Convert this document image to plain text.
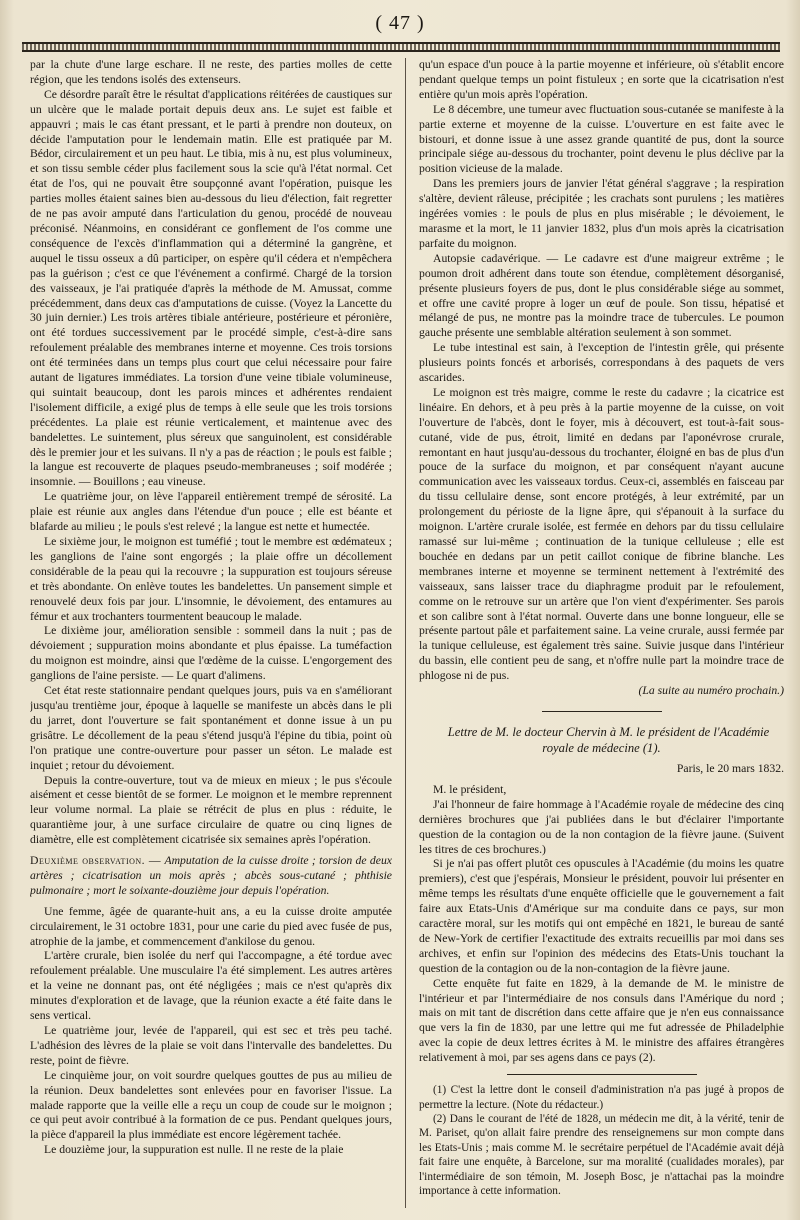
( 47 )

par la chute d'une large eschare. Il ne reste, des parties molles de cette région, que les tendons isolés des extenseurs.

Ce désordre paraît être le résultat d'applications réitérées de caustiques sur un ulcère que le malade portait depuis deux ans. Le sujet est faible et appauvri ; mais le cas étant pressant, et le parti à prendre non douteux, on décide l'amputation pour le lendemain matin. Elle est pratiquée par M. Bédor, circulairement et un peu haut. Le tibia, mis à nu, est plus volumineux, et son tissu semble céder plus facilement sous la scie qu'à l'état normal. Cet état de l'os, qui ne pouvait être soupçonné avant l'opération, puisque les parties molles étaient saines bien au-dessous du lieu d'élection, fait regretter de ne pas avoir amputé dans l'articulation du genou, procédé de nouveau préconisé. Néanmoins, en considérant ce gonflement de l'os comme une conséquence de l'excès d'inflammation qui a déterminé la gangrène, et auquel le tissu osseux a dû participer, on espère qu'il cédera et n'empêchera pas la guérison ; c'est ce que l'événement a confirmé. Chargé de la torsion des vaisseaux, je l'ai pratiquée d'après la méthode de M. Amussat, comme précédemment, dans deux cas d'amputations de cuisse. (Voyez la Lancette du 30 juin dernier.) Les trois artères tibiale antérieure, postérieure et péronière, ont été tordues successivement par le procédé simple, c'est-à-dire sans refoulement préalable des membranes interne et moyenne. Ces trois torsions ont été terminées dans un temps plus court que celui nécessaire pour faire autant de ligatures immédiates. La torsion d'une veine tibiale volumineuse, qui suintait beaucoup, dont les parois minces et adhérentes rendaient l'isolement difficile, a exigé plus de temps à elle seule que les trois torsions précédentes. La plaie est réunie verticalement, et maintenue avec des bandelettes. Le suintement, plus séreux que sanguinolent, est considérable dès le premier jour et les suivans. Il n'y a pas de réaction ; le pouls est faible ; la langue est recouverte de plaques pseudo-membraneuses ; soif modérée ; insomnie. — Bouillons ; eau vineuse.

Le quatrième jour, on lève l'appareil entièrement trempé de sérosité. La plaie est réunie aux angles dans l'étendue d'un pouce ; elle est béante et blafarde au milieu ; le pouls s'est relevé ; la langue est nette et humectée.

Le sixième jour, le moignon est tuméfié ; tout le membre est œdémateux ; les ganglions de l'aine sont engorgés ; la plaie offre un décollement considérable de la peau qui la recouvre ; la suppuration est toujours séreuse et très abondante. On enlève toutes les bandelettes. Un pansement simple et renouvelé deux fois par jour. L'insomnie, le dévoiement, des entamures au fémur et aux trochanters tourmentent beaucoup le malade.

Le dixième jour, amélioration sensible : sommeil dans la nuit ; pas de dévoiement ; suppuration moins abondante et plus épaisse. La tuméfaction du moignon est moindre, ainsi que l'œdème de la cuisse. L'engorgement des ganglions de l'aine persiste. — Le quart d'alimens.

Cet état reste stationnaire pendant quelques jours, puis va en s'améliorant jusqu'au trentième jour, époque à laquelle se manifeste un abcès dans le pli du jarret, dont l'ouverture se fait spontanément et donne issue à un pu grisâtre. Le décollement de la peau s'étend jusqu'à l'épine du tibia, point où l'on pratique une contre-ouverture pour passer un séton. Le malade est inquiet ; retour du dévoiement.

Depuis la contre-ouverture, tout va de mieux en mieux ; le pus s'écoule aisément et cesse bientôt de se former. Le moignon et le membre reprennent leur volume normal. La plaie se rétrécit de plus en plus : réduite, le quarantième jour, à une surface circulaire de quatre ou cinq lignes de diamètre, elle est complètement cicatrisée six semaines après l'opération.

Deuxième observation. — Amputation de la cuisse droite ; torsion de deux artères ; cicatrisation un mois après ; abcès sous-cutané ; phthisie pulmonaire ; mort le soixante-douzième jour depuis l'opération.

Une femme, âgée de quarante-huit ans, a eu la cuisse droite amputée circulairement, le 31 octobre 1831, pour une carie du pied avec fusée de pus, atrophie de la jambe, et commencement d'ankilose du genou.

L'artère crurale, bien isolée du nerf qui l'accompagne, a été tordue avec refoulement préalable. Une musculaire l'a été simplement. Les autres artères et la veine ne donnant pas, ont été négligées ; mais ce n'est qu'après dix minutes d'exploration et de lavage, que la réunion exacte a été faite dans le sens vertical.

Le quatrième jour, levée de l'appareil, qui est sec et très peu taché. L'adhésion des lèvres de la plaie se voit dans l'intervalle des bandelettes. Du reste, point de fièvre.

Le cinquième jour, on voit sourdre quelques gouttes de pus au milieu de la réunion. Deux bandelettes sont enlevées pour en favoriser l'issue. La malade rapporte que la veille elle a reçu un coup de coude sur le moignon ; ce qui peut avoir contribué à la formation de ce pus. Pendant quelques jours, la pièce d'appareil la plus immédiate est encore légèrement tachée.

Le douzième jour, la suppuration est nulle. Il ne reste de la plaie

qu'un espace d'un pouce à la partie moyenne et inférieure, où s'établit encore pendant quelque temps un point fistuleux ; en sorte que la cicatrisation n'est entière qu'un mois après l'opération.

Le 8 décembre, une tumeur avec fluctuation sous-cutanée se manifeste à la partie externe et moyenne de la cuisse. L'ouverture en est faite avec le bistouri, et donne issue à une assez grande quantité de pus, dont la source principale siége au-dessous du trochanter, point devenu le plus déclive par la position vicieuse de la malade.

Dans les premiers jours de janvier l'état général s'aggrave ; la respiration s'altère, devient râleuse, précipitée ; les crachats sont purulens ; les matières ingérées vomies : le pouls de plus en plus misérable ; le dévoiement, le marasme et la mort, le 11 janvier 1832, plus d'un mois après la cicatrisation parfaite du moignon.

Autopsie cadavérique. — Le cadavre est d'une maigreur extrême ; le poumon droit adhérent dans toute son étendue, complètement désorganisé, présente plusieurs foyers de pus, dont le plus considérable siége au sommet, et offre une cavité propre à loger un œuf de poule. Son tissu, hépatisé et mélangé de pus, ne montre pas la moindre trace de tubercules. Le poumon gauche présente une semblable altération seulement à son sommet.

Le tube intestinal est sain, à l'exception de l'intestin grêle, qui présente plusieurs points foncés et arborisés, correspondans à des paquets de vers ascarides.

Le moignon est très maigre, comme le reste du cadavre ; la cicatrice est linéaire. En dehors, et à peu près à la partie moyenne de la cuisse, on voit l'ouverture de l'abcès, dont le foyer, mis à découvert, est tout-à-fait sous-cutané, vide de pus, étroit, limité en dedans par l'aponévrose crurale, remontant en haut jusqu'au-dessous du trochanter, éloigné en bas de plus d'un pouce de la surface du moignon, et par conséquent n'ayant aucune communication avec les vaisseaux tordus. Ceux-ci, assemblés en faisceau par du tissu cellulaire dense, sont encore protégés, à leur extrémité, par un prolongement du périoste de la ligne âpre, qui s'épanouit à la surface du moignon. L'artère crurale isolée, est fermée en dehors par du tissu cellulaire ramassé sur lui-même ; continuation de la tunique celluleuse ; elle est bouchée en dedans par un petit caillot conique de fibrine blanche. Les membranes interne et moyenne se terminent nettement à l'extrémité des vaisseaux, sans laisser trace du diaphragme produit par le refoulement, comme on le retrouve sur un artère que l'on vient d'expérimenter. Ses parois et son calibre sont à l'état normal. Ouverte dans une bonne longueur, elle se présente partout pâle et parfaitement saine. La veine crurale, aussi fermée par la tunique celluleuse, est également très saine. Suivie jusque dans l'intérieur du bassin, elle contient peu de sang, et n'offre nulle part la moindre trace de phlogose ni de pus.

(La suite au numéro prochain.)

Lettre de M. le docteur Chervin à M. le président de l'Académie
royale de médecine (1).

Paris, le 20 mars 1832.

M. le président,

J'ai l'honneur de faire hommage à l'Académie royale de médecine des cinq dernières brochures que j'ai publiées dans le but d'éclairer l'importante question de la contagion ou de la non contagion de la fièvre jaune. (Suivent les titres de ces brochures.)

Si je n'ai pas offert plutôt ces opuscules à l'Académie (du moins les quatre premiers), c'est que j'espérais, Monsieur le président, pouvoir lui présenter en même temps les résultats d'une enquête officielle que le gouvernement a fait faire aux Etats-Unis d'Amérique sur ma conduite dans ce pays, sur mon caractère moral, sur les motifs qui ont empêché en 1821, le bureau de santé de New-York de certifier l'exactitude des extraits recueillis par moi dans ses archives, et enfin sur l'opinion des médecins des Etats-Unis touchant la question de la contagion ou de la non-contagion de la fièvre jaune.

Cette enquête fut faite en 1829, à la demande de M. le ministre de l'intérieur et par l'intermédiaire de nos consuls dans l'Amérique du nord ; mais on mit tant de discrétion dans cette affaire que je n'en eus connaissance que vers la fin de 1830, par une lettre qui me fut adressée de Philadelphie avec la copie de deux lettres écrites à M. le ministre des affaires étrangères relativement à moi, par ses agens dans ce pays (2).

(1) C'est la lettre dont le conseil d'administration n'a pas jugé à propos de permettre la lecture. (Note du rédacteur.)

(2) Dans le courant de l'été de 1828, un médecin me dit, à la vérité, tenir de M. Pariset, qu'on allait faire prendre des renseignemens sur mon compte dans les Etats-Unis ; mais comme M. le secrétaire perpétuel de l'Académie avait déjà fait faire une enquête, à Barcelone, sur ma moralité (cualidades morales), par l'intermédiaire de son témoin, M. Joseph Bosc, je n'attachai pas la moindre importance à cette information.
